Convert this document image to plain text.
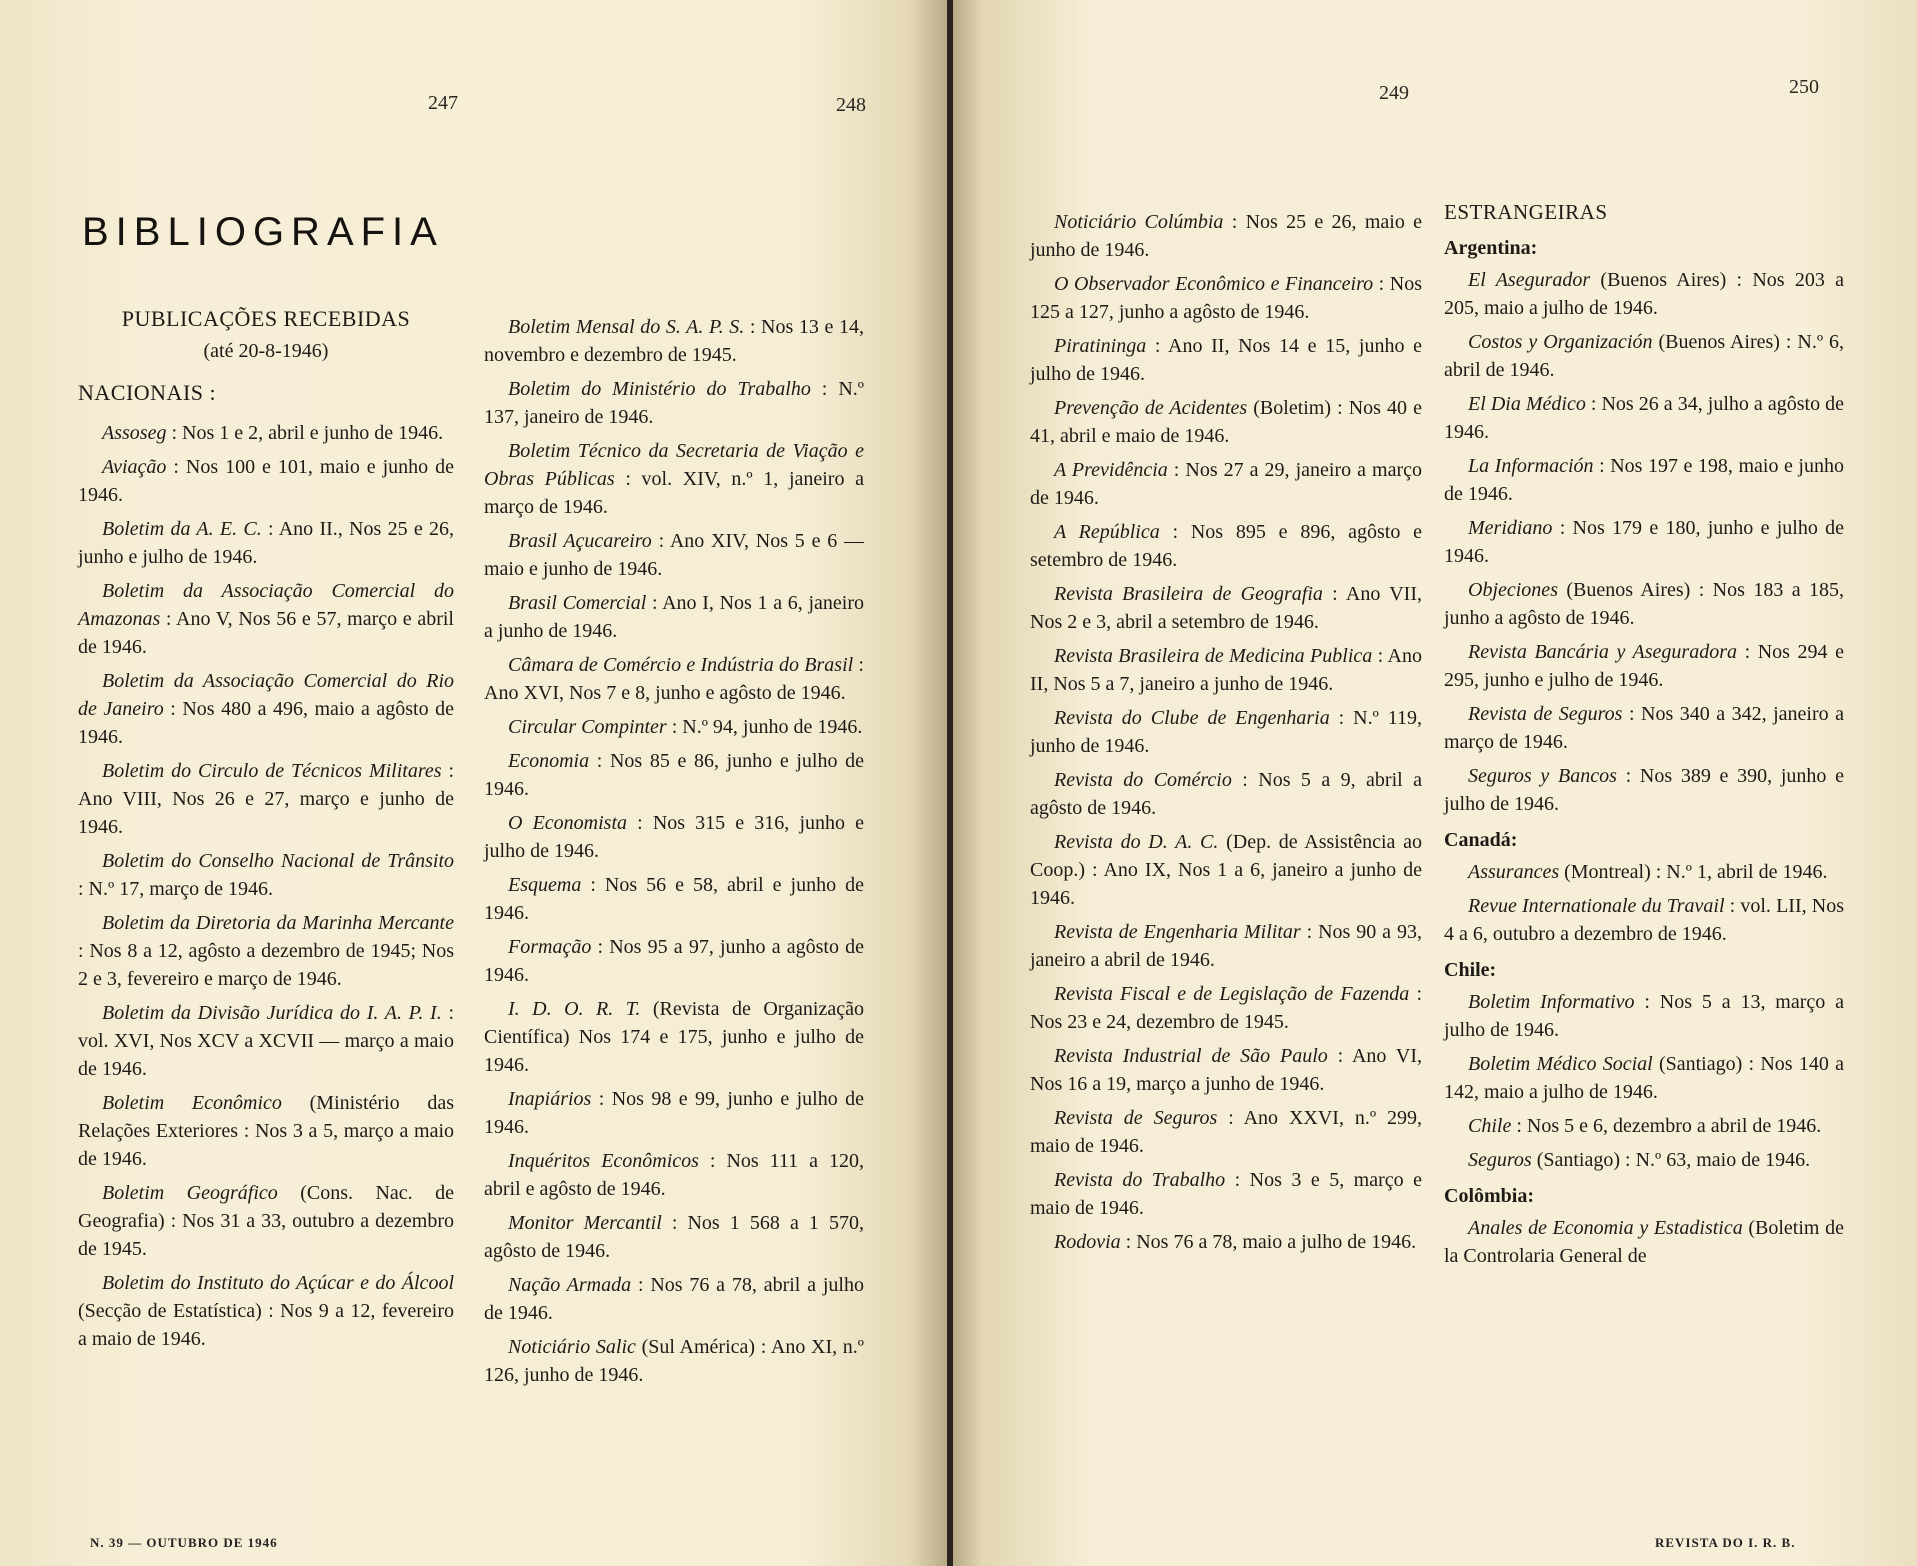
247	248
BIBLIOGRAFIA

PUBLICAÇÕES RECEBIDAS

(até 20-8-1946)

NACIONAIS :

Assoseg : Nos 1 e 2, abril e junho de 1946.

Aviação : Nos 100 e 101, maio e junho de 1946.

Boletim da A. E. C. : Ano II., Nos 25 e 26, junho e julho de 1946.

Boletim da Associação Comercial do Amazonas : Ano V, Nos 56 e 57, março e abril de 1946.

Boletim da Associação Comercial do Rio de Janeiro : Nos 480 a 496, maio a agôsto de 1946.

Boletim do Circulo de Técnicos Militares : Ano VIII, Nos 26 e 27, março e junho de 1946.

Boletim do Conselho Nacional de Trânsito : N.º 17, março de 1946.

Boletim da Diretoria da Marinha Mercante : Nos 8 a 12, agôsto a dezembro de 1945; Nos 2 e 3, fevereiro e março de 1946.

Boletim da Divisão Jurídica do I. A. P. I. : vol. XVI, Nos XCV a XCVII — março a maio de 1946.

Boletim Econômico (Ministério das Relações Exteriores : Nos 3 a 5, março a maio de 1946.

Boletim Geográfico (Cons. Nac. de Geografia) : Nos 31 a 33, outubro a dezembro de 1945.

Boletim do Instituto do Açúcar e do Álcool (Secção de Estatística) : Nos 9 a 12, fevereiro a maio de 1946.

Boletim Mensal do S. A. P. S. : Nos 13 e 14, novembro e dezembro de 1945.

Boletim do Ministério do Trabalho : N.º 137, janeiro de 1946.

Boletim Técnico da Secretaria de Viação e Obras Públicas : vol. XIV, n.º 1, janeiro a março de 1946.

Brasil Açucareiro : Ano XIV, Nos 5 e 6 — maio e junho de 1946.

Brasil Comercial : Ano I, Nos 1 a 6, janeiro a junho de 1946.

Câmara de Comércio e Indústria do Brasil : Ano XVI, Nos 7 e 8, junho e agôsto de 1946.

Circular Compinter : N.º 94, junho de 1946.

Economia : Nos 85 e 86, junho e julho de 1946.

O Economista : Nos 315 e 316, junho e julho de 1946.

Esquema : Nos 56 e 58, abril e junho de 1946.

Formação : Nos 95 a 97, junho a agôsto de 1946.

I. D. O. R. T. (Revista de Organização Científica) Nos 174 e 175, junho e julho de 1946.

Inapiários : Nos 98 e 99, junho e julho de 1946.

Inquéritos Econômicos : Nos 111 a 120, abril e agôsto de 1946.

Monitor Mercantil : Nos 1 568 a 1 570, agôsto de 1946.

Nação Armada : Nos 76 a 78, abril a julho de 1946.

Noticiário Salic (Sul América) : Ano XI, n.º 126, junho de 1946.

N. 39 — OUTUBRO DE 1946
249	250
REVISTA DO I. R. B.

Noticiário Colúmbia : Nos 25 e 26, maio e junho de 1946.

O Observador Econômico e Financeiro : Nos 125 a 127, junho a agôsto de 1946.

Piratininga : Ano II, Nos 14 e 15, junho e julho de 1946.

Prevenção de Acidentes (Boletim) : Nos 40 e 41, abril e maio de 1946.

A Previdência : Nos 27 a 29, janeiro a março de 1946.

A República : Nos 895 e 896, agôsto e setembro de 1946.

Revista Brasileira de Geografia : Ano VII, Nos 2 e 3, abril a setembro de 1946.

Revista Brasileira de Medicina Publica : Ano II, Nos 5 a 7, janeiro a junho de 1946.

Revista do Clube de Engenharia : N.º 119, junho de 1946.

Revista do Comércio : Nos 5 a 9, abril a agôsto de 1946.

Revista do D. A. C. (Dep. de Assistência ao Coop.) : Ano IX, Nos 1 a 6, janeiro a junho de 1946.

Revista de Engenharia Militar : Nos 90 a 93, janeiro a abril de 1946.

Revista Fiscal e de Legislação de Fazenda : Nos 23 e 24, dezembro de 1945.

Revista Industrial de São Paulo : Ano VI, Nos 16 a 19, março a junho de 1946.

Revista de Seguros : Ano XXVI, n.º 299, maio de 1946.

Revista do Trabalho : Nos 3 e 5, março e maio de 1946.

Rodovia : Nos 76 a 78, maio a julho de 1946.

ESTRANGEIRAS

Argentina:

El Asegurador (Buenos Aires) : Nos 203 a 205, maio a julho de 1946.

Costos y Organización (Buenos Aires) : N.º 6, abril de 1946.

El Dia Médico : Nos 26 a 34, julho a agôsto de 1946.

La Información : Nos 197 e 198, maio e junho de 1946.

Meridiano : Nos 179 e 180, junho e julho de 1946.

Objeciones (Buenos Aires) : Nos 183 a 185, junho a agôsto de 1946.

Revista Bancária y Aseguradora : Nos 294 e 295, junho e julho de 1946.

Revista de Seguros : Nos 340 a 342, janeiro a março de 1946.

Seguros y Bancos : Nos 389 e 390, junho e julho de 1946.

Canadá:

Assurances (Montreal) : N.º 1, abril de 1946.

Revue Internationale du Travail : vol. LII, Nos 4 a 6, outubro a dezembro de 1946.

Chile:

Boletim Informativo : Nos 5 a 13, março a julho de 1946.

Boletim Médico Social (Santiago) : Nos 140 a 142, maio a julho de 1946.

Chile : Nos 5 e 6, dezembro a abril de 1946.

Seguros (Santiago) : N.º 63, maio de 1946.

Colômbia:

Anales de Economia y Estadistica (Boletim de la Controlaria General de
